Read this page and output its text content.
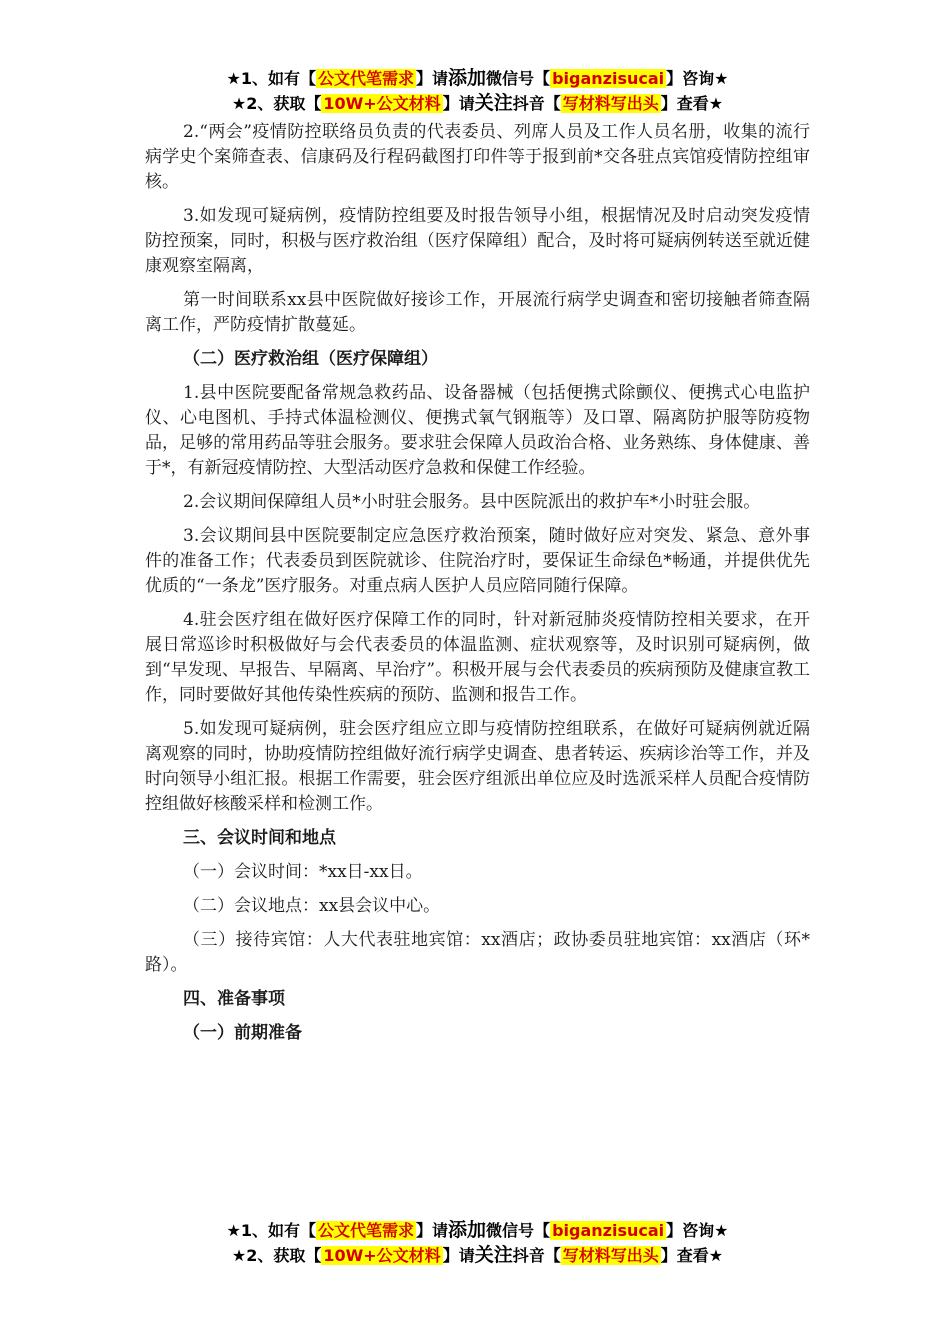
★1、如有【 公文代笔需求 】请添加微信号【 biganzisucai 】咨询★
★2、获取【 10W+公文材料 】请关注抖音【 写材料写出头 】查看★

2.“两会”疫情防控联络员负责的代表委员、列席人员及工作人员名册，收集的流行病学史个案筛查表、信康码及行程码截图打印件等于报到前*交各驻点宾馆疫情防控组审核。

3.如发现可疑病例，疫情防控组要及时报告领导小组，根据情况及时启动突发疫情防控预案，同时，积极与医疗救治组（医疗保障组）配合，及时将可疑病例转送至就近健康观察室隔离，

第一时间联系xx县中医院做好接诊工作，开展流行病学史调查和密切接触者筛查隔离工作，严防疫情扩散蔓延。

（二）医疗救治组（医疗保障组）

1.县中医院要配备常规急救药品、设备器械（包括便携式除颤仪、便携式心电监护仪、心电图机、手持式体温检测仪、便携式氧气钢瓶等）及口罩、隔离防护服等防疫物品，足够的常用药品等驻会服务。要求驻会保障人员政治合格、业务熟练、身体健康、善于*，有新冠疫情防控、大型活动医疗急救和保健工作经验。

2.会议期间保障组人员*小时驻会服务。县中医院派出的救护车*小时驻会服。

3.会议期间县中医院要制定应急医疗救治预案，随时做好应对突发、紧急、意外事件的准备工作；代表委员到医院就诊、住院治疗时，要保证生命绿色*畅通，并提供优先优质的“一条龙”医疗服务。对重点病人医护人员应陪同随行保障。

4.驻会医疗组在做好医疗保障工作的同时，针对新冠肺炎疫情防控相关要求，在开展日常巡诊时积极做好与会代表委员的体温监测、症状观察等，及时识别可疑病例，做到“早发现、早报告、早隔离、早治疗”。积极开展与会代表委员的疾病预防及健康宣教工作，同时要做好其他传染性疾病的预防、监测和报告工作。

5.如发现可疑病例，驻会医疗组应立即与疫情防控组联系，在做好可疑病例就近隔离观察的同时，协助疫情防控组做好流行病学史调查、患者转运、疾病诊治等工作，并及时向领导小组汇报。根据工作需要，驻会医疗组派出单位应及时选派采样人员配合疫情防控组做好核酸采样和检测工作。

三、会议时间和地点

（一）会议时间：*xx日-xx日。

（二）会议地点：xx县会议中心。

（三）接待宾馆：人大代表驻地宾馆：xx酒店；政协委员驻地宾馆：xx酒店（环*路）。

四、准备事项

（一）前期准备

★1、如有【 公文代笔需求 】请添加微信号【 biganzisucai 】咨询★
★2、获取【 10W+公文材料 】请关注抖音【 写材料写出头 】查看★
